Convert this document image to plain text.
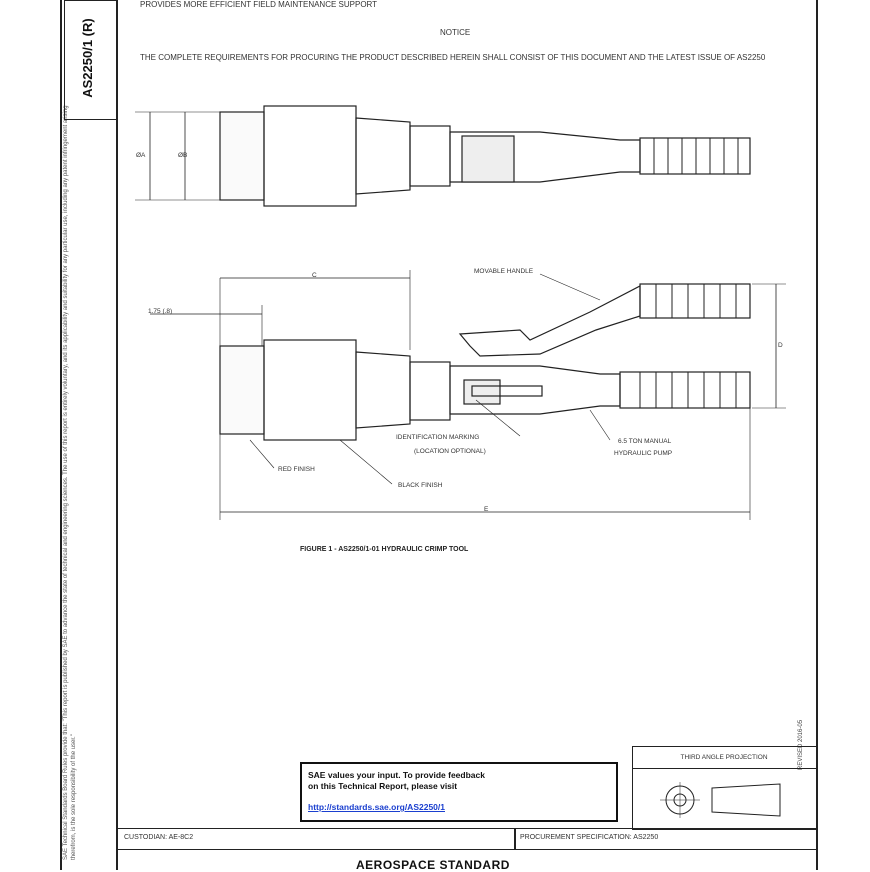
SAE Technical Standards Board Rules provide that: "This report is published by SAE to advance the state of technical and engineering sciences. The use of this report is entirely voluntary, and its applicability and suitability for any particular use, including any patent infringement arising therefrom, is the sole responsibility of the user."
AS2250/1 (R)
PROVIDES MORE EFFICIENT FIELD MAINTENANCE SUPPORT
NOTICE
THE COMPLETE REQUIREMENTS FOR PROCURING THE PRODUCT DESCRIBED HEREIN SHALL CONSIST OF THIS DOCUMENT AND THE LATEST ISSUE OF AS2250
ØA	ØB
C
1.75 (.8)
MOVABLE HANDLE
D
IDENTIFICATION MARKING
(LOCATION OPTIONAL)
6.5 TON MANUAL
HYDRAULIC PUMP
RED FINISH
BLACK FINISH
E
FIGURE 1 - AS2250/1-01 HYDRAULIC CRIMP TOOL
REVISED 2016-05
THIRD ANGLE PROJECTION
SAE values your input. To provide feedback
on this Technical Report, please visit
http://standards.sae.org/AS2250/1
CUSTODIAN: AE-8C2	PROCUREMENT SPECIFICATION: AS2250
AEROSPACE STANDARD
